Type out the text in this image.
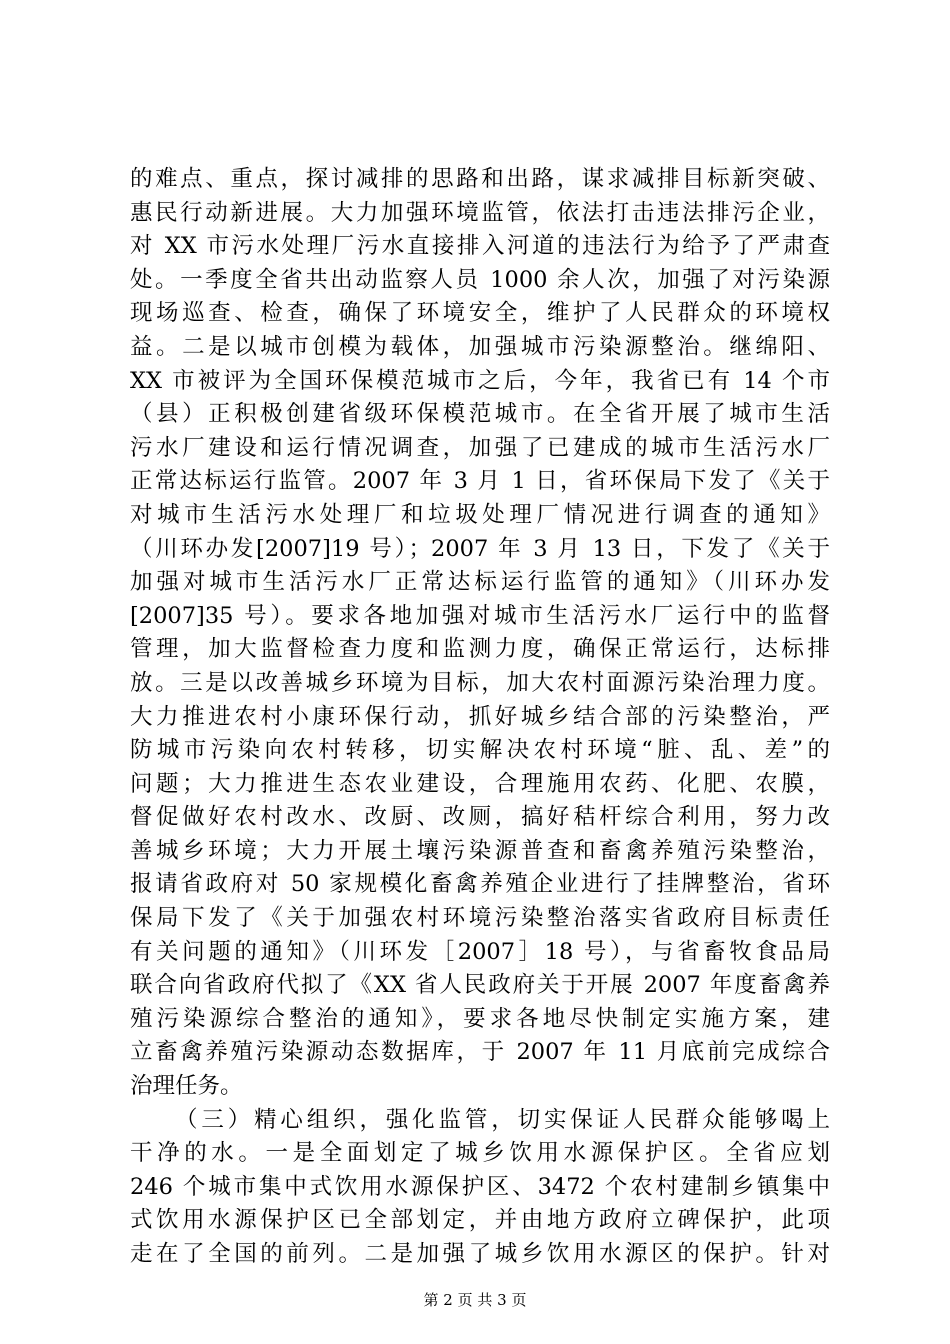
的难点、重点，探讨减排的思路和出路，谋求减排目标新突破、
惠民行动新进展。大力加强环境监管，依法打击违法排污企业，
对 XX 市污水处理厂污水直接排入河道的违法行为给予了严肃查
处。一季度全省共出动监察人员 1000 余人次，加强了对污染源
现场巡查、检查，确保了环境安全，维护了人民群众的环境权
益。二是以城市创模为载体，加强城市污染源整治。继绵阳、
XX 市被评为全国环保模范城市之后，今年，我省已有 14 个市
（县）正积极创建省级环保模范城市。在全省开展了城市生活
污水厂建设和运行情况调查，加强了已建成的城市生活污水厂
正常达标运行监管。2007 年 3 月 1 日，省环保局下发了《关于
对城市生活污水处理厂和垃圾处理厂情况进行调查的通知》
（川环办发[2007]19 号）；2007 年 3 月 13 日，下发了《关于
加强对城市生活污水厂正常达标运行监管的通知》（川环办发
[2007]35 号）。要求各地加强对城市生活污水厂运行中的监督
管理，加大监督检查力度和监测力度，确保正常运行，达标排
放。三是以改善城乡环境为目标，加大农村面源污染治理力度。
大力推进农村小康环保行动，抓好城乡结合部的污染整治，严
防城市污染向农村转移，切实解决农村环境“脏、乱、差”的
问题；大力推进生态农业建设，合理施用农药、化肥、农膜，
督促做好农村改水、改厨、改厕，搞好秸杆综合利用，努力改
善城乡环境；大力开展土壤污染源普查和畜禽养殖污染整治，
报请省政府对 50 家规模化畜禽养殖企业进行了挂牌整治，省环
保局下发了《关于加强农村环境污染整治落实省政府目标责任
有关问题的通知》（川环发［2007］18 号），与省畜牧食品局
联合向省政府代拟了《XX 省人民政府关于开展 2007 年度畜禽养
殖污染源综合整治的通知》，要求各地尽快制定实施方案，建
立畜禽养殖污染源动态数据库，于 2007 年 11 月底前完成综合
治理任务。
（三）精心组织，强化监管，切实保证人民群众能够喝上
干净的水。一是全面划定了城乡饮用水源保护区。全省应划
246 个城市集中式饮用水源保护区、3472 个农村建制乡镇集中
式饮用水源保护区已全部划定，并由地方政府立碑保护，此项
走在了全国的前列。二是加强了城乡饮用水源区的保护。针对
第 2 页 共 3 页
